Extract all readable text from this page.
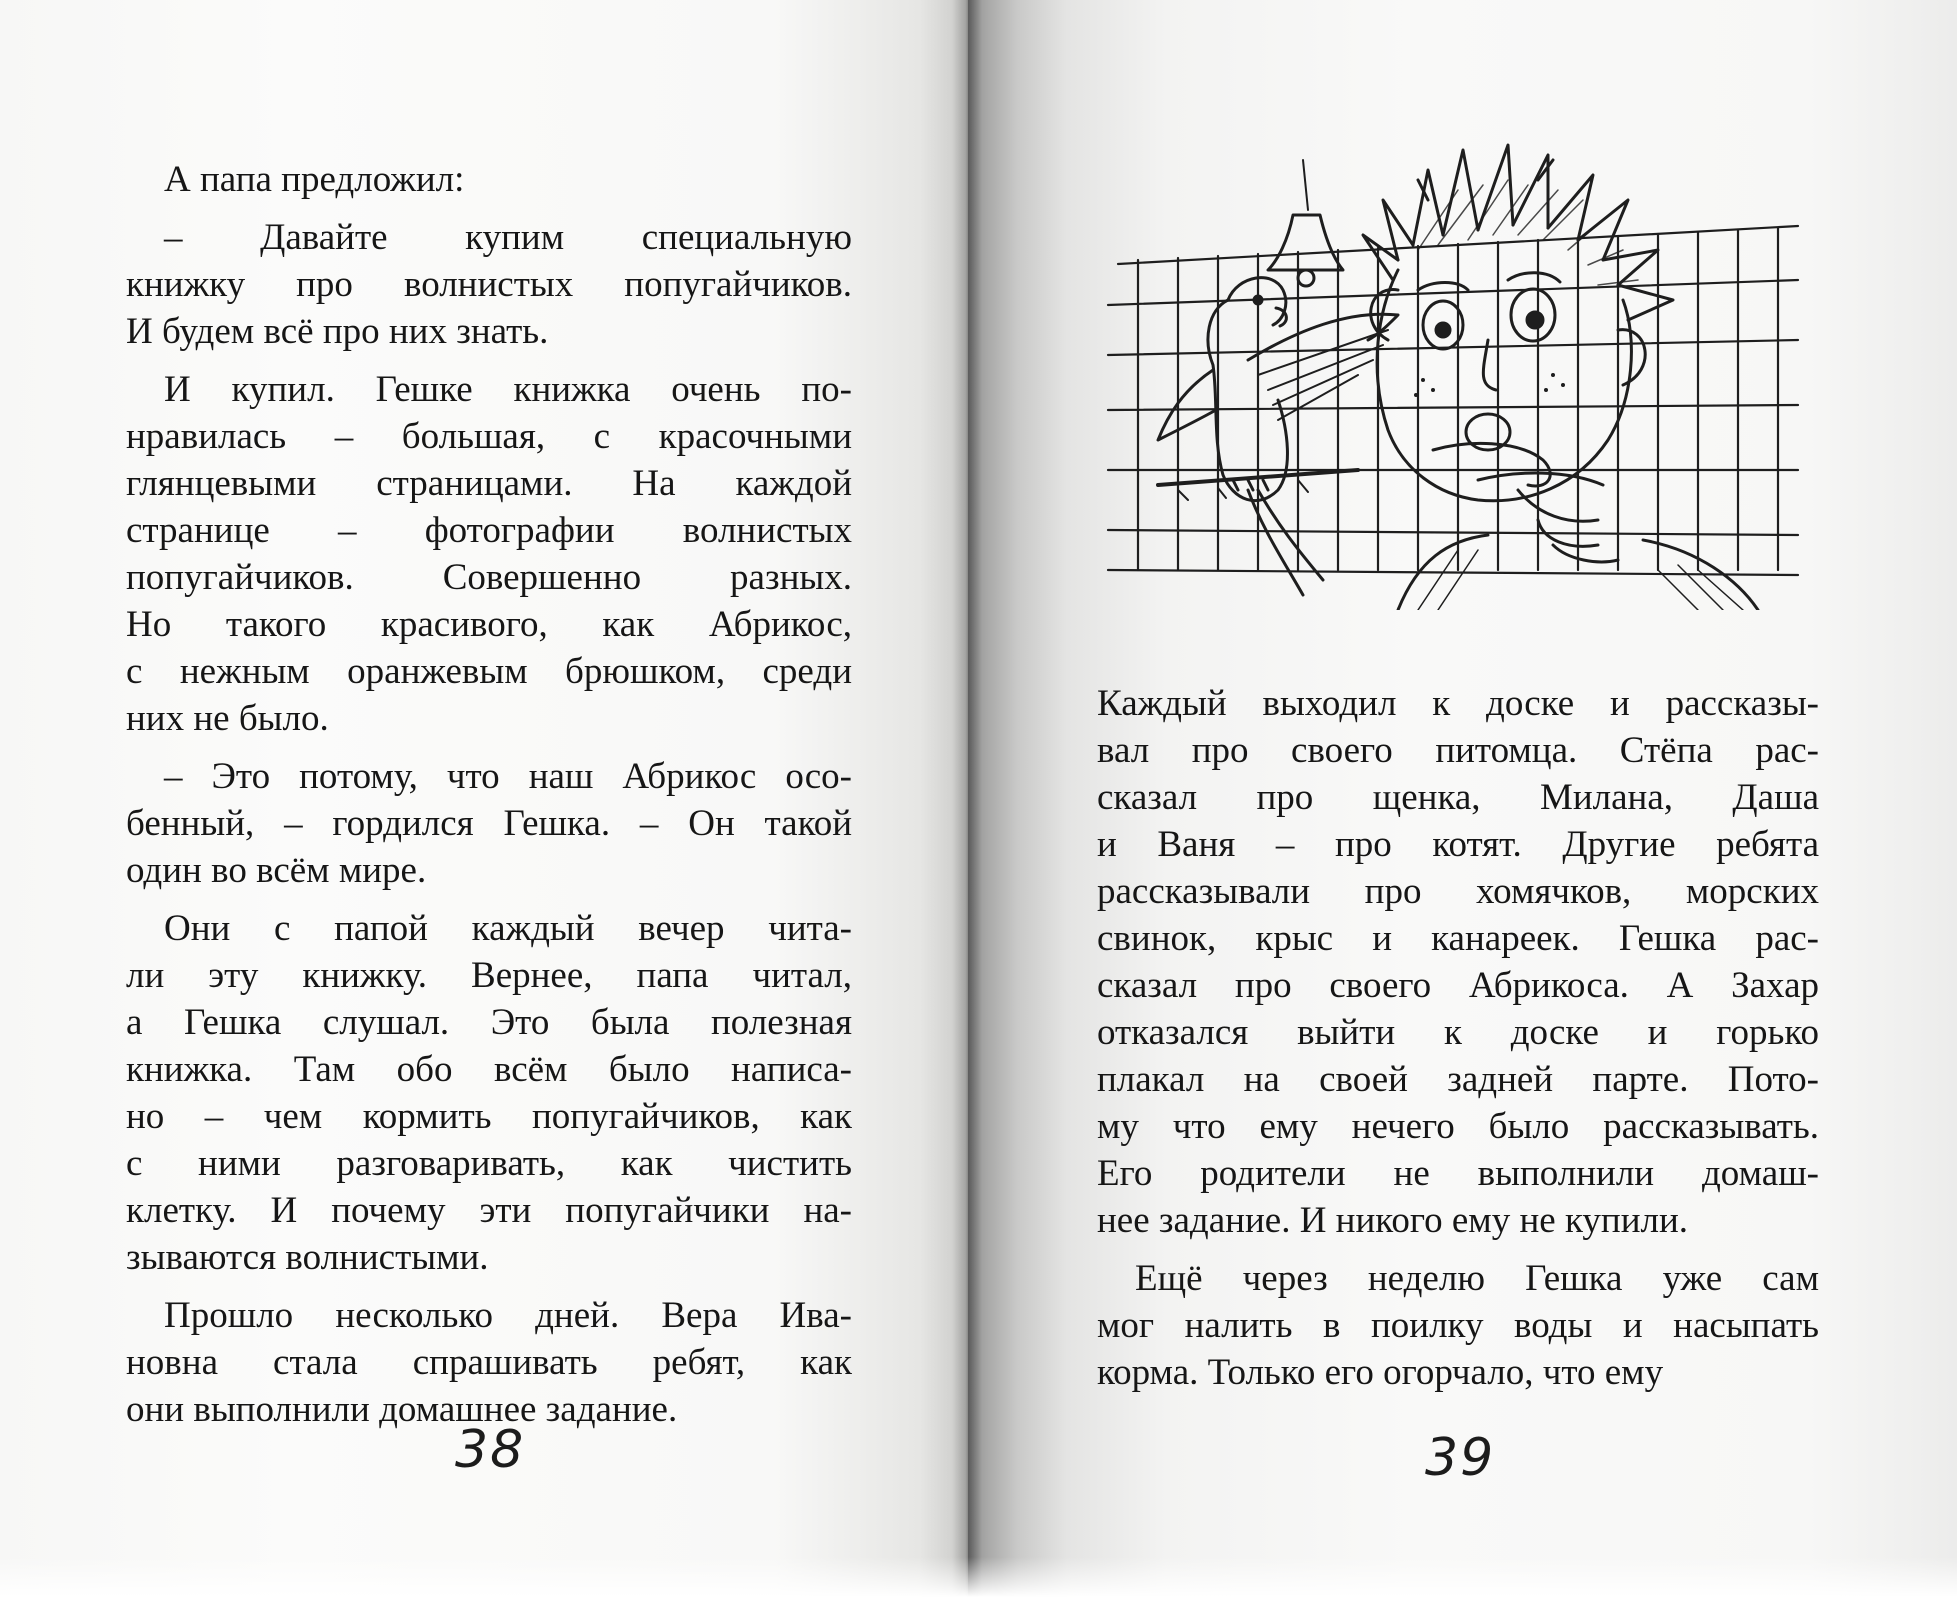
А папа предложил:
– Давайте купим специальную
книжку про волнистых попугайчиков.
И будем всё про них знать.
И купил. Гешке книжка очень по-
нравилась – большая, с красочными
глянцевыми страницами. На каждой
странице – фотографии волнистых
попугайчиков. Совершенно разных.
Но такого красивого, как Абрикос,
с нежным оранжевым брюшком, среди
них не было.
– Это потому, что наш Абрикос осо-
бенный, – гордился Гешка. – Он такой
один во всём мире.
Они с папой каждый вечер чита-
ли эту книжку. Вернее, папа читал,
а Гешка слушал. Это была полезная
книжка. Там обо всём было написа-
но – чем кормить попугайчиков, как
с ними разговаривать, как чистить
клетку. И почему эти попугайчики на-
зываются волнистыми.
Прошло несколько дней. Вера Ива-
новна стала спрашивать ребят, как
они выполнили домашнее задание.
38
Каждый выходил к доске и рассказы-
вал про своего питомца. Стёпа рас-
сказал про щенка, Милана, Даша
и Ваня – про котят. Другие ребята
рассказывали про хомячков, морских
свинок, крыс и канареек. Гешка рас-
сказал про своего Абрикоса. А Захар
отказался выйти к доске и горько
плакал на своей задней парте. Пото-
му что ему нечего было рассказывать.
Его родители не выполнили домаш-
нее задание. И никого ему не купили.
Ещё через неделю Гешка уже сам
мог налить в поилку воды и насыпать
корма. Только его огорчало, что ему
39
